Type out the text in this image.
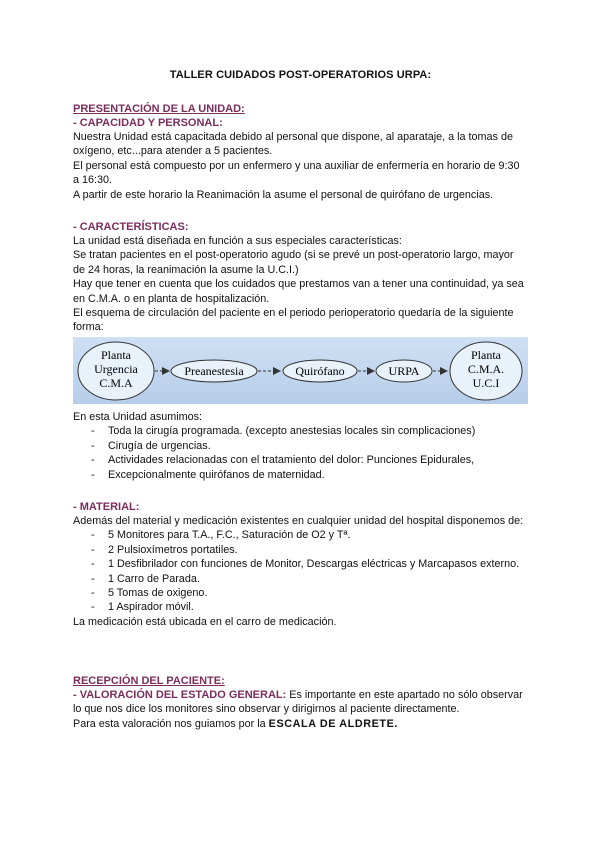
TALLER CUIDADOS POST-OPERATORIOS URPA:
PRESENTACIÓN DE LA UNIDAD:
- CAPACIDAD Y PERSONAL:

Nuestra Unidad está capacitada debido al personal que dispone, al aparataje, a la tomas de oxígeno, etc...para atender a 5 pacientes.

El personal está compuesto por un enfermero y una auxiliar de enfermería en horario de 9:30 a 16:30.

A partir de este horario la Reanimación la asume el personal de quirófano de urgencias.

- CARACTERÍSTICAS:

La unidad está diseñada en función a sus especiales características:

Se tratan pacientes en el post-operatorio agudo (si se prevé un post-operatorio largo, mayor de 24 horas, la reanimación la asume la U.C.I.)

Hay que tener en cuenta que los cuidados que prestamos van a tener una continuidad, ya sea en C.M.A. o en planta de hospitalización.

El esquema de circulación del paciente en el periodo perioperatorio quedaría de la siguiente forma:

Planta
Urgencia
C.M.A
Preanestesia	Quirófano	URPA
Planta
C.M.A.
U.C.I

En esta Unidad asumimos:

- Toda la cirugía programada. (excepto anestesias locales sin complicaciones)
- Cirugía de urgencias.
- Actividades relacionadas con el tratamiento del dolor: Punciones Epidurales,
- Excepcionalmente quirófanos de maternidad.
- MATERIAL:

Además del material y medicación existentes en cualquier unidad del hospital disponemos de:

- 5 Monitores para T.A., F.C., Saturación de O2 y Tª.
- 2 Pulsioxímetros portatiles.
- 1 Desfibrilador con funciones de Monitor, Descargas eléctricas y Marcapasos externo.
- 1 Carro de Parada.
- 5 Tomas de oxigeno.
- 1 Aspirador móvil.

La medicación está ubicada en el carro de medicación.

RECEPCIÓN DEL PACIENTE:

- VALORACIÓN DEL ESTADO GENERAL: Es importante en este apartado no sólo observar lo que nos dice los monitores sino observar y dirigirnos al paciente directamente.

Para esta valoración nos guiamos por la ESCALA DE ALDRETE.
